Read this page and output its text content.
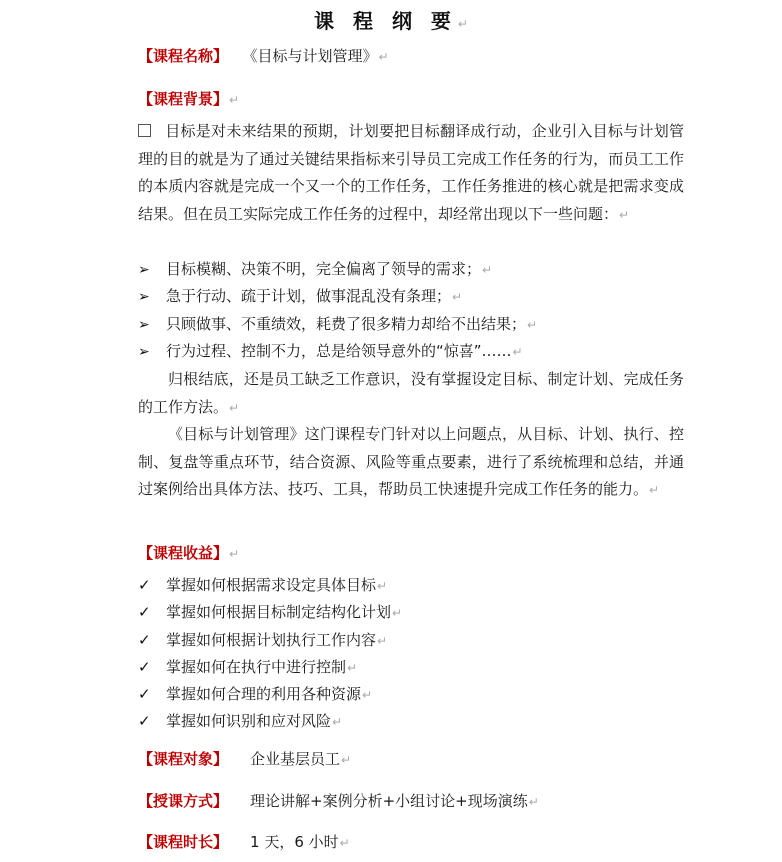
课 程 纲 要↵
【课程名称】 《目标与计划管理》↵
【课程背景】↵
目标是对未来结果的预期，计划要把目标翻译成行动，企业引入目标与计划管理的目的就是为了通过关键结果指标来引导员工完成工作任务的行为，而员工工作的本质内容就是完成一个又一个的工作任务，工作任务推进的核心就是把需求变成结果。但在员工实际完成工作任务的过程中，却经常出现以下一些问题：↵
➢ 目标模糊、决策不明，完全偏离了领导的需求；↵
➢ 急于行动、疏于计划，做事混乱没有条理；↵
➢ 只顾做事、不重绩效，耗费了很多精力却给不出结果；↵
➢ 行为过程、控制不力，总是给领导意外的“惊喜”……↵
归根结底，还是员工缺乏工作意识，没有掌握设定目标、制定计划、完成任务的工作方法。↵
《目标与计划管理》这门课程专门针对以上问题点，从目标、计划、执行、控制、复盘等重点环节，结合资源、风险等重点要素，进行了系统梳理和总结，并通过案例给出具体方法、技巧、工具，帮助员工快速提升完成工作任务的能力。↵
【课程收益】↵
✓ 掌握如何根据需求设定具体目标↵
✓ 掌握如何根据目标制定结构化计划↵
✓ 掌握如何根据计划执行工作内容↵
✓ 掌握如何在执行中进行控制↵
✓ 掌握如何合理的利用各种资源↵
✓ 掌握如何识别和应对风险↵
【课程对象】 企业基层员工↵
【授课方式】 理论讲解+案例分析+小组讨论+现场演练↵
【课程时长】 1 天，6 小时↵
